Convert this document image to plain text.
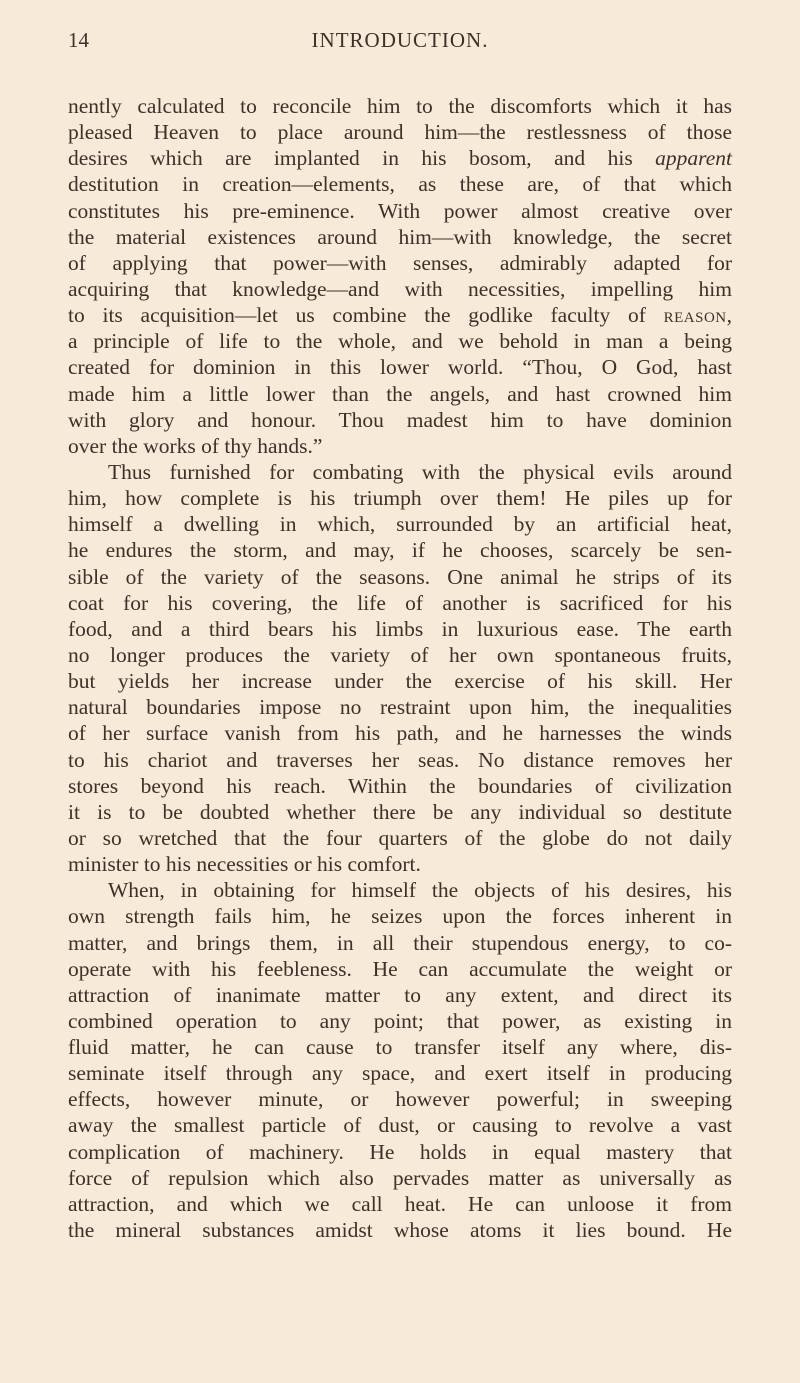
14	INTRODUCTION.
nently calculated to reconcile him to the discomforts which it has
pleased Heaven to place around him—the restlessness of those
desires which are implanted in his bosom, and his apparent
destitution in creation—elements, as these are, of that which
constitutes his pre-eminence. With power almost creative over
the material existences around him—with knowledge, the secret
of applying that power—with senses, admirably adapted for
acquiring that knowledge—and with necessities, impelling him
to its acquisition—let us combine the godlike faculty of reason,
a principle of life to the whole, and we behold in man a being
created for dominion in this lower world. “Thou, O God, hast
made him a little lower than the angels, and hast crowned him
with glory and honour. Thou madest him to have dominion
over the works of thy hands.”
Thus furnished for combating with the physical evils around
him, how complete is his triumph over them! He piles up for
himself a dwelling in which, surrounded by an artificial heat,
he endures the storm, and may, if he chooses, scarcely be sen-
sible of the variety of the seasons. One animal he strips of its
coat for his covering, the life of another is sacrificed for his
food, and a third bears his limbs in luxurious ease. The earth
no longer produces the variety of her own spontaneous fruits,
but yields her increase under the exercise of his skill. Her
natural boundaries impose no restraint upon him, the inequalities
of her surface vanish from his path, and he harnesses the winds
to his chariot and traverses her seas. No distance removes her
stores beyond his reach. Within the boundaries of civilization
it is to be doubted whether there be any individual so destitute
or so wretched that the four quarters of the globe do not daily
minister to his necessities or his comfort.
When, in obtaining for himself the objects of his desires, his
own strength fails him, he seizes upon the forces inherent in
matter, and brings them, in all their stupendous energy, to co-
operate with his feebleness. He can accumulate the weight or
attraction of inanimate matter to any extent, and direct its
combined operation to any point; that power, as existing in
fluid matter, he can cause to transfer itself any where, dis-
seminate itself through any space, and exert itself in producing
effects, however minute, or however powerful; in sweeping
away the smallest particle of dust, or causing to revolve a vast
complication of machinery. He holds in equal mastery that
force of repulsion which also pervades matter as universally as
attraction, and which we call heat. He can unloose it from
the mineral substances amidst whose atoms it lies bound. He
